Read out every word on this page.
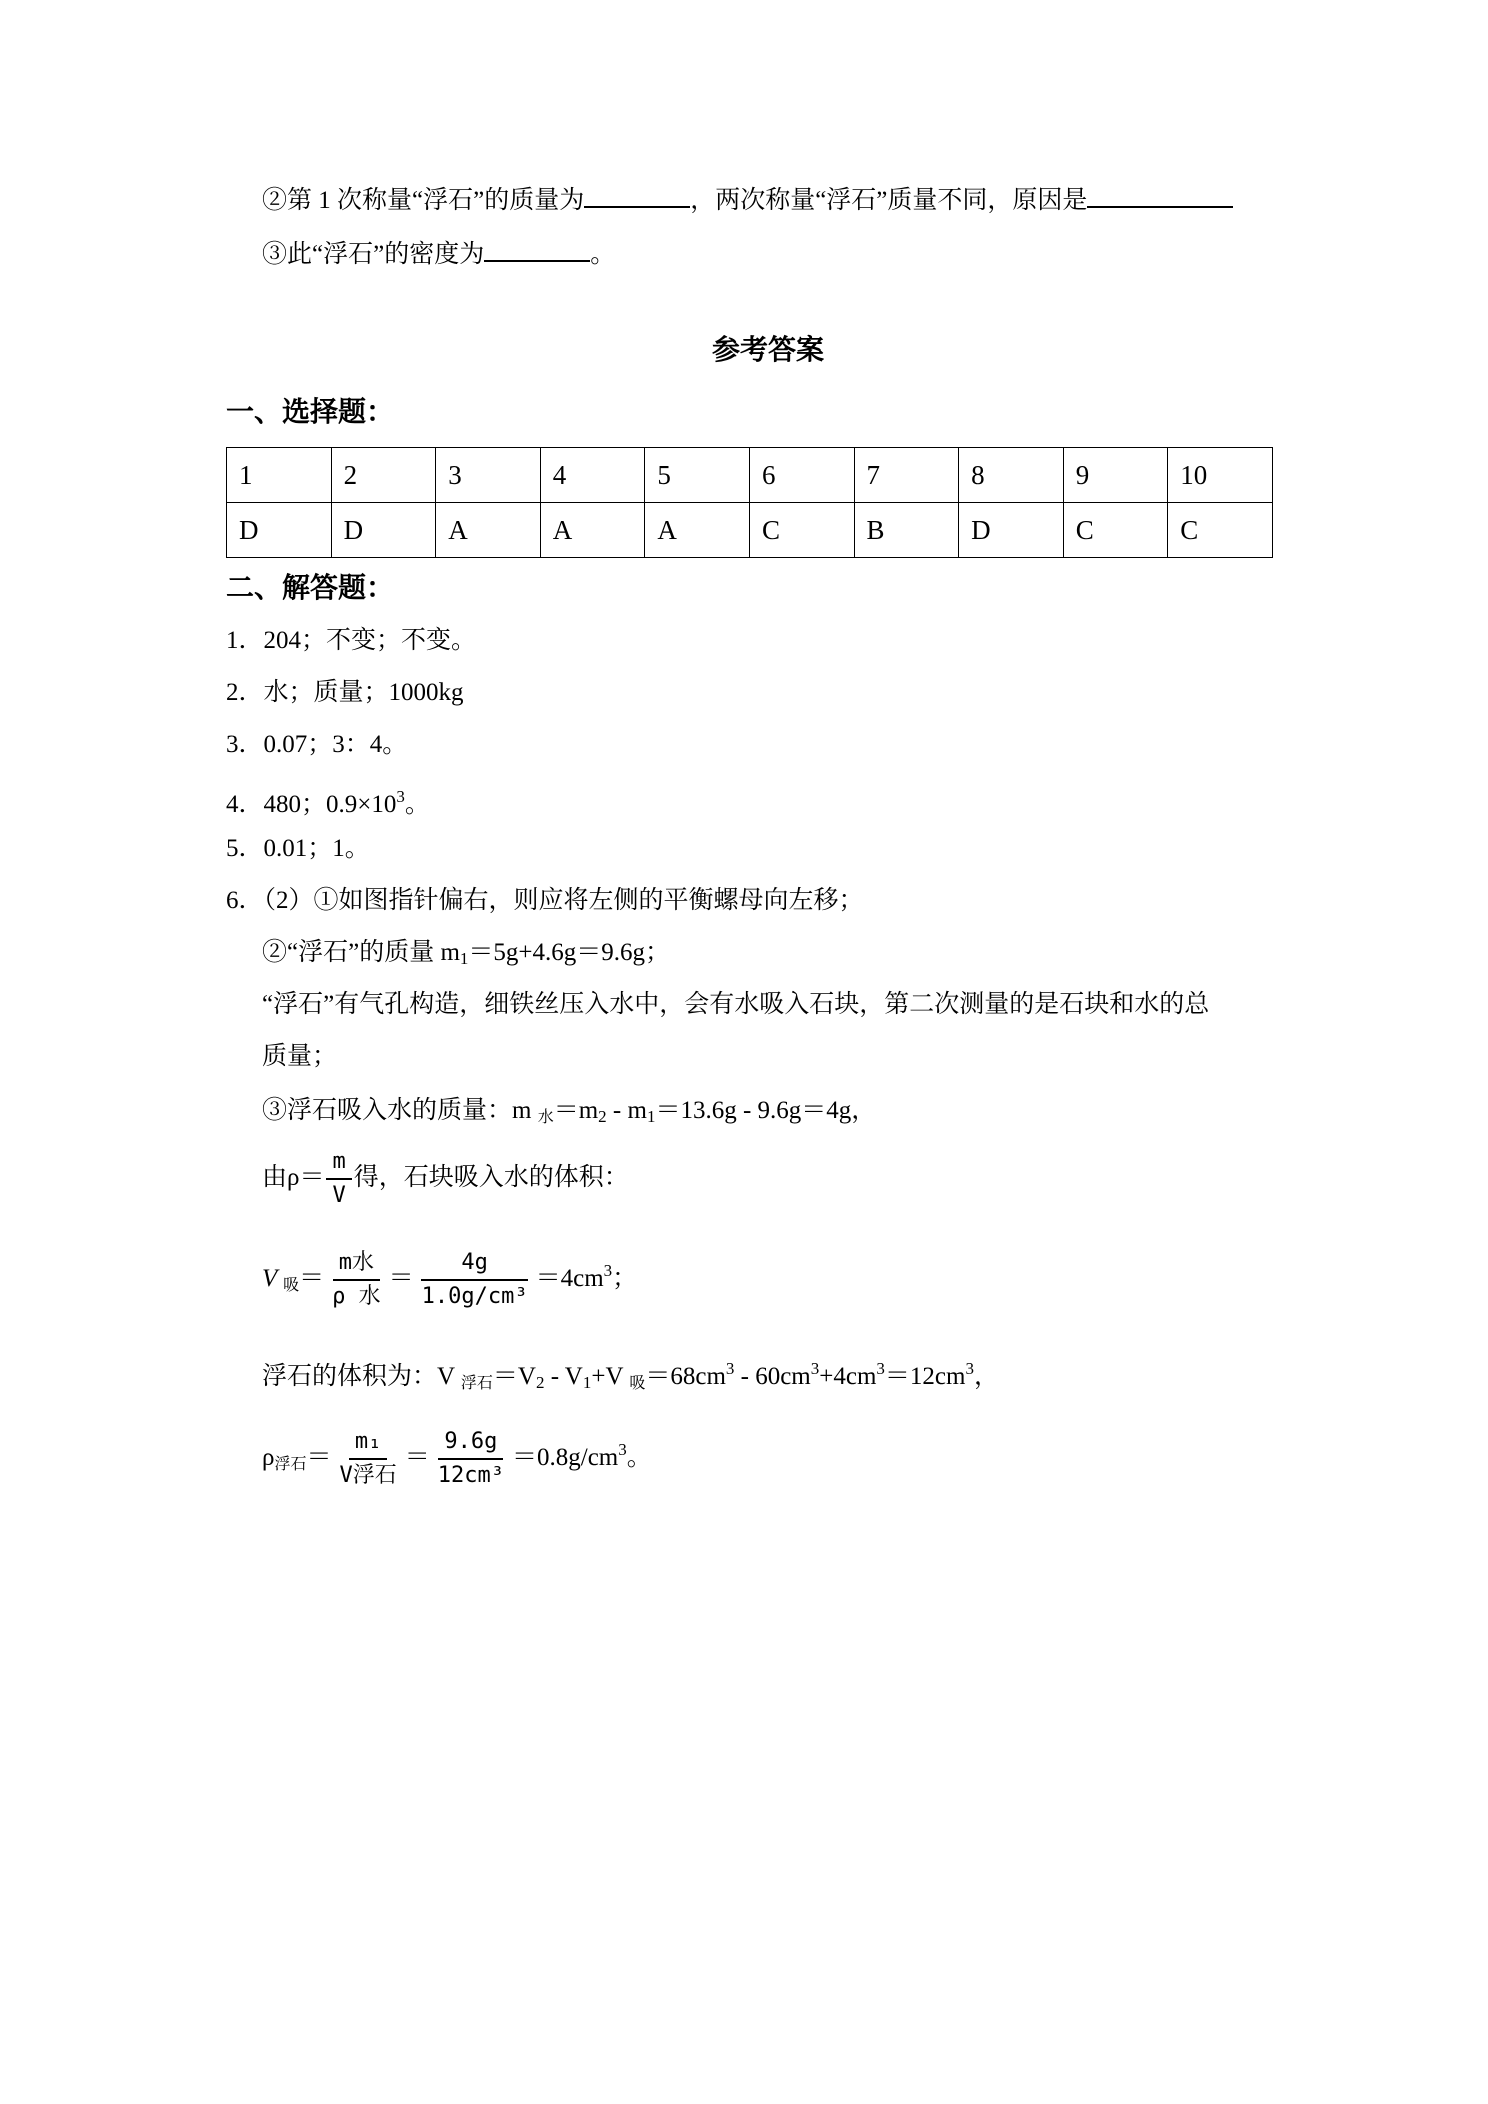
②第 1 次称量“浮石”的质量为	，两次称量“浮石”质量不同，原因是
③此“浮石”的密度为	。
参考答案
一、选择题：
1	2	3	4	5	6	7	8	9	10
D	D	A	A	A	C	B	D	C	C
二、解答题：
1．204；不变；不变。
2．水；质量；1000kg
3．0.07；3：4。
4．480；$0.9\times 10^3$。
5．0.01；1。
6．（2）①如图指针偏右，则应将左侧的平衡螺母向左移；
②“浮石”的质量 $m_1=5g+4.6g=9.6g$；
“浮石”有气孔构造，细铁丝压入水中，会有水吸入石块，第二次测量的是石块和水的总
质量；
③浮石吸入水的质量：m $_水=m_2 - m_1=13.6g - 9.6g=4g$，
由$\rho= \frac{m}{V}$ 得，石块吸入水的体积：
V $_吸= \frac{\text{m水}}{\text{ρ 水}} = \frac{4g}{\text{1.0g/cm³}} =4cm^3$；
浮石的体积为：V $_{浮石}=V_2 - V_1+V$ $_吸=68cm^3 - 60cm^3+4cm^3=12cm^3$，
$\rho_{浮石}= \frac{\text{m₁}}{\text{V浮石}} = \frac{9.6g}{\text{12cm³}} =0.8g/cm^3$。
